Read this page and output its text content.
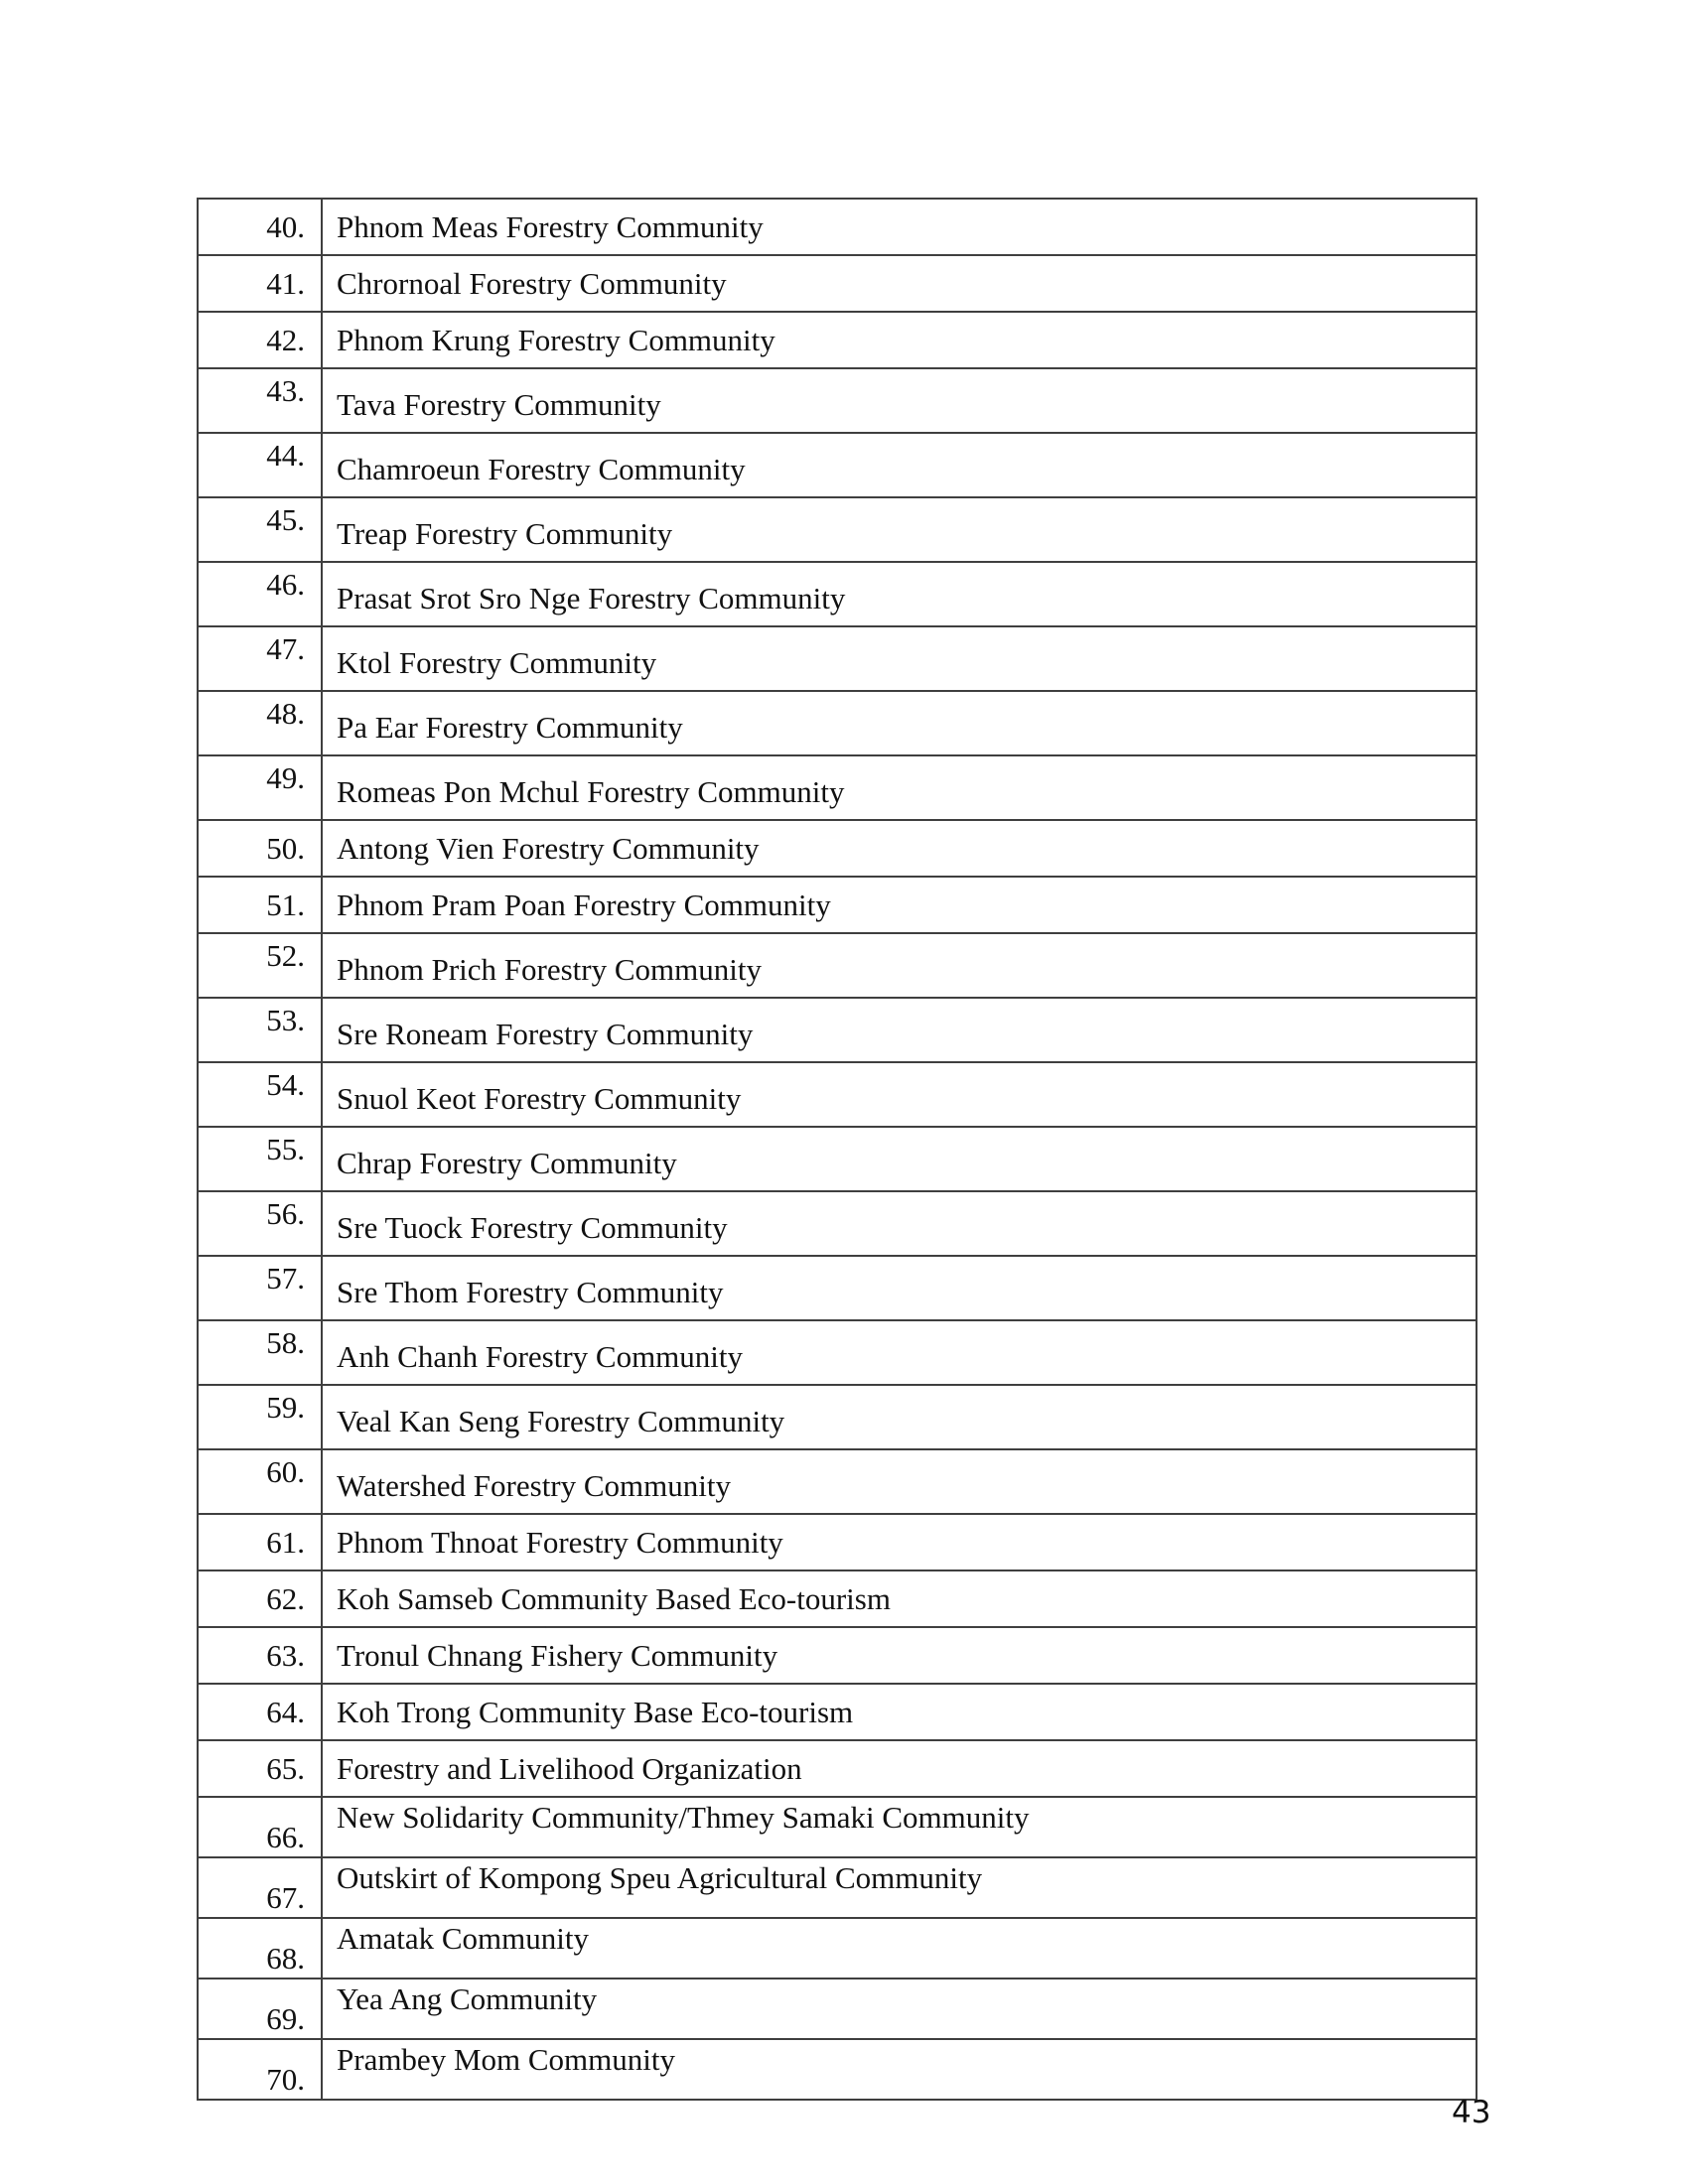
40.	Phnom Meas Forestry Community
41.	Chrornoal Forestry Community
42.	Phnom Krung Forestry Community
43.	Tava Forestry Community
44.	Chamroeun Forestry Community
45.	Treap Forestry Community
46.	Prasat Srot Sro Nge Forestry Community
47.	Ktol Forestry Community
48.	Pa Ear Forestry Community
49.	Romeas Pon Mchul Forestry Community
50.	Antong Vien Forestry Community
51.	Phnom Pram Poan Forestry Community
52.	Phnom Prich Forestry Community
53.	Sre Roneam Forestry Community
54.	Snuol Keot Forestry Community
55.	Chrap Forestry Community
56.	Sre Tuock Forestry Community
57.	Sre Thom Forestry Community
58.	Anh Chanh Forestry Community
59.	Veal Kan Seng Forestry Community
60.	Watershed Forestry Community
61.	Phnom Thnoat Forestry Community
62.	Koh Samseb Community Based Eco-tourism
63.	Tronul Chnang Fishery Community
64.	Koh Trong Community Base Eco-tourism
65.	Forestry and Livelihood Organization
66.	New Solidarity Community/Thmey Samaki Community
67.	Outskirt of Kompong Speu Agricultural Community
68.	Amatak Community
69.	Yea Ang Community
70.	Prambey Mom Community
43
